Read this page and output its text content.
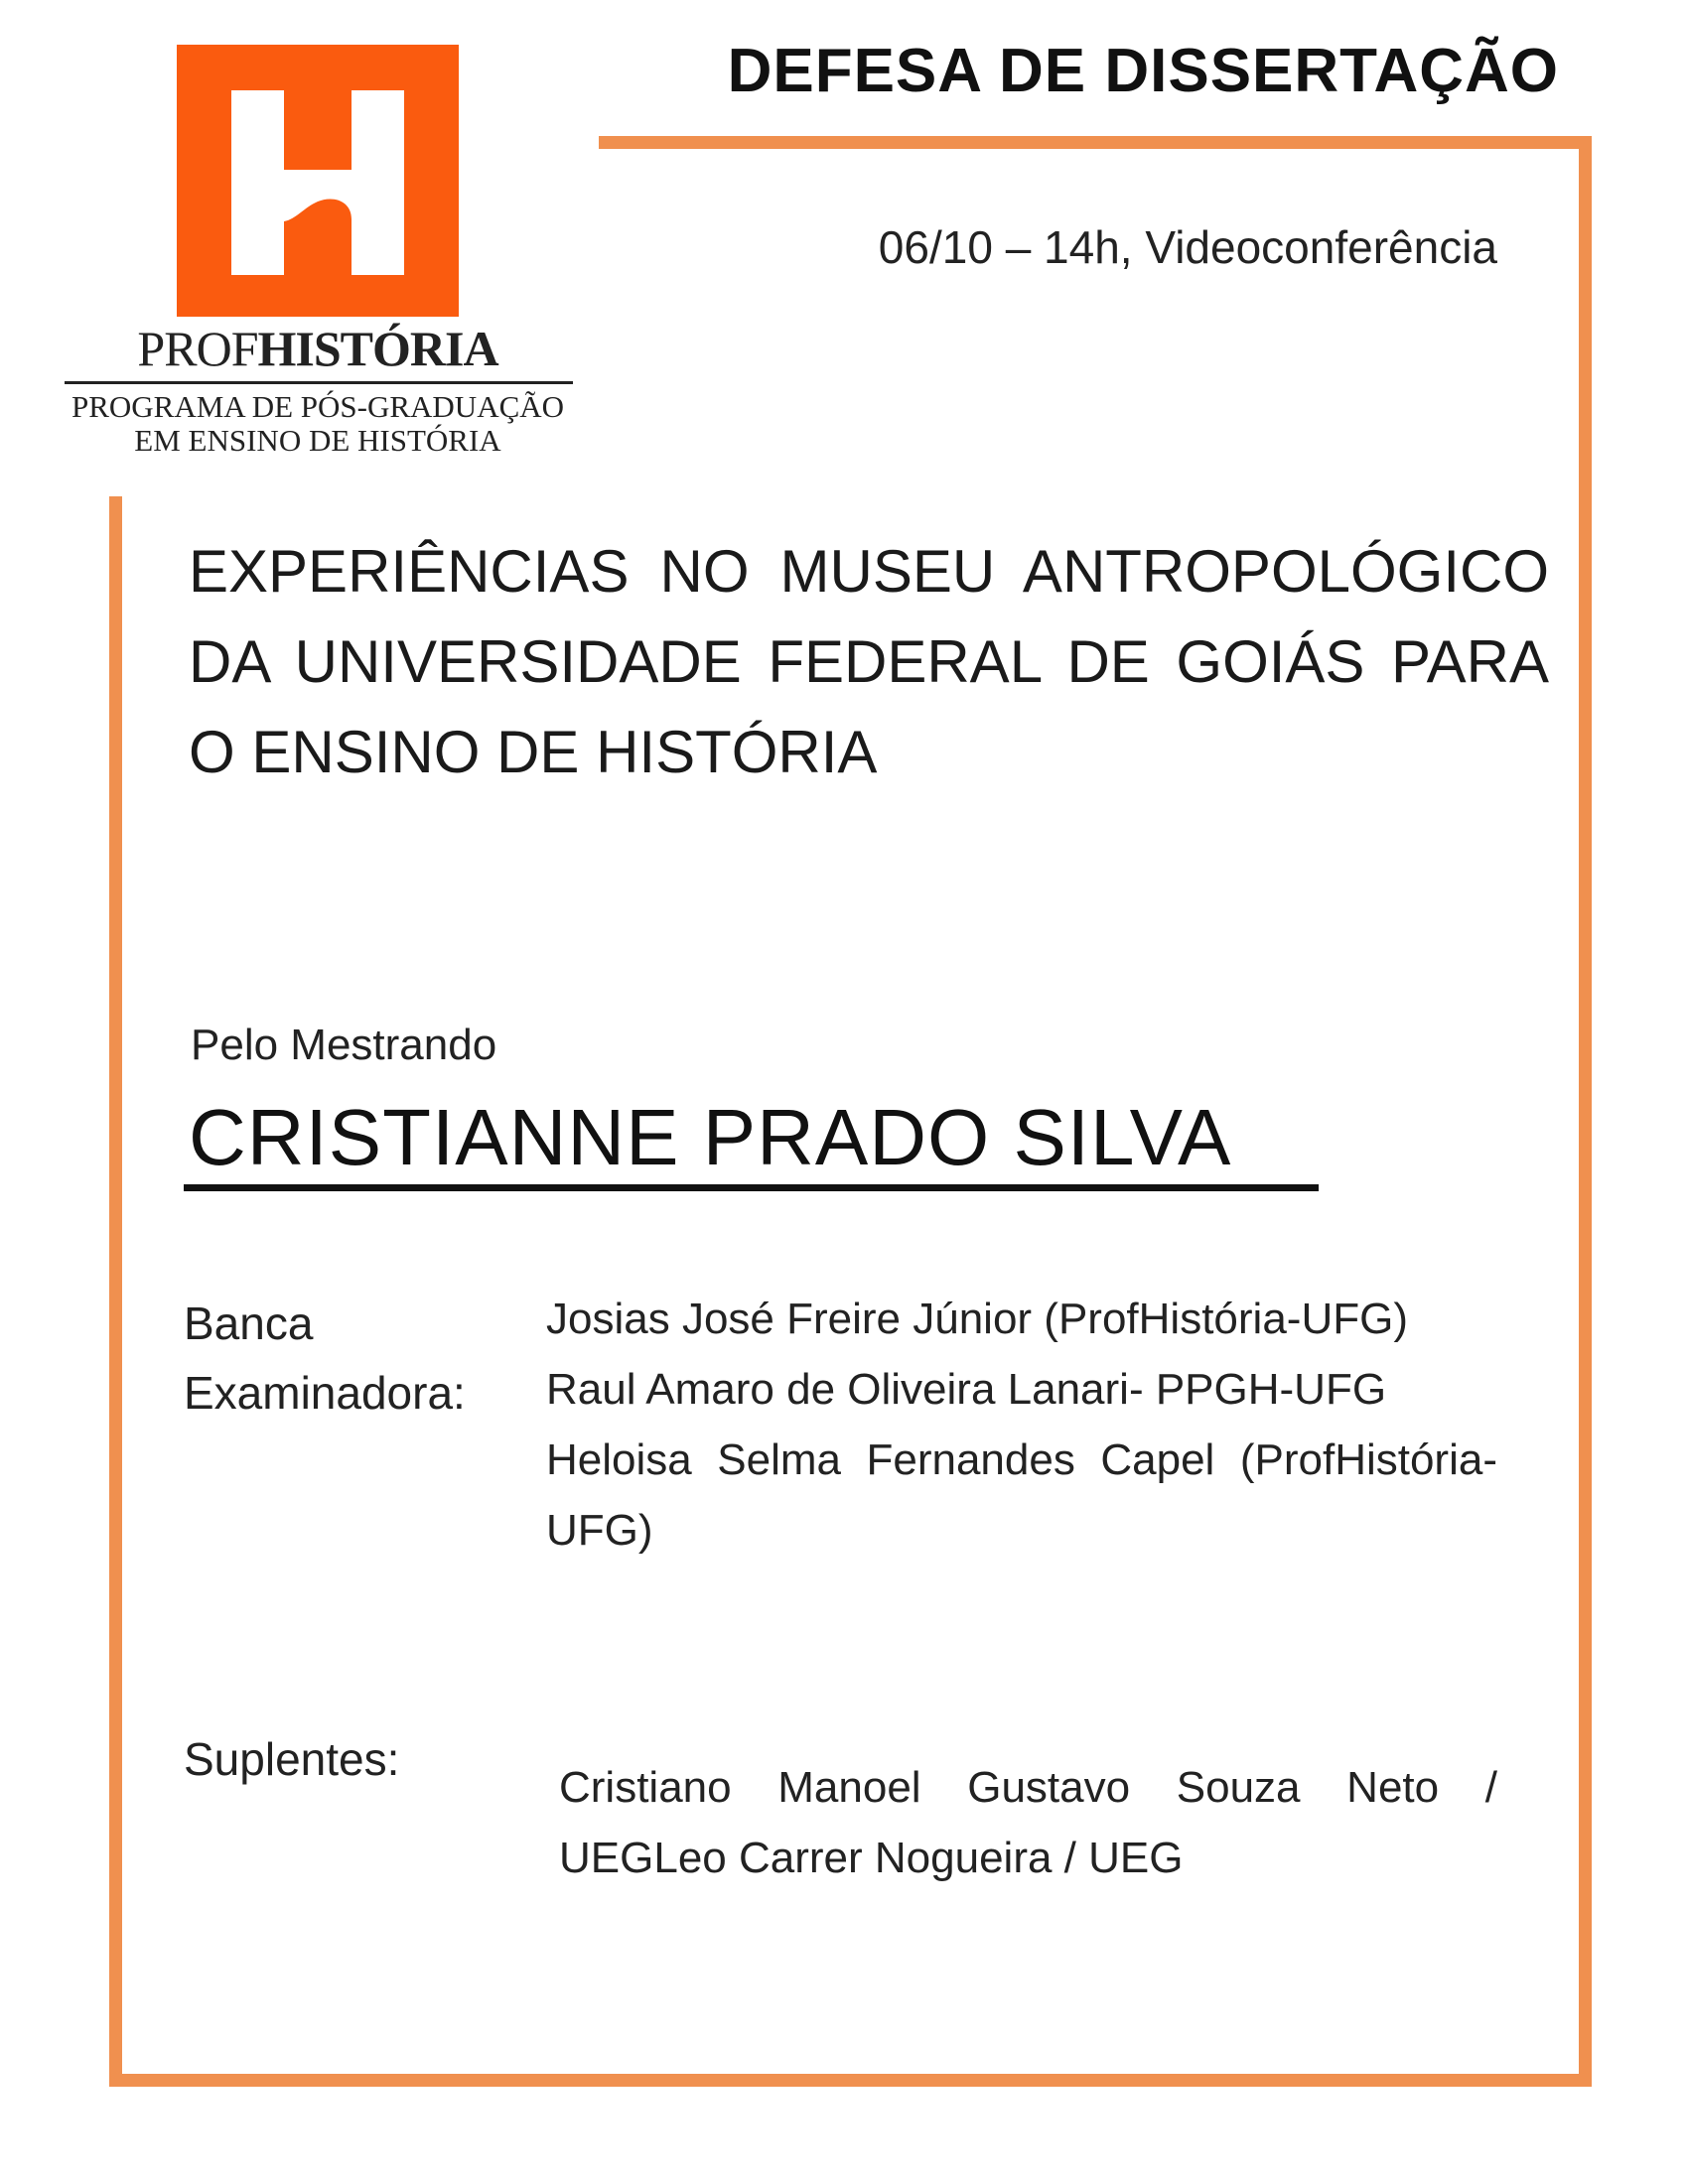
PROFHISTÓRIA
PROGRAMA DE PÓS-GRADUAÇÃO
EM ENSINO DE HISTÓRIA
DEFESA DE DISSERTAÇÃO
06/10 – 14h, Videoconferência
EXPERIÊNCIAS NO MUSEU ANTROPOLÓGICO DA UNIVERSIDADE FEDERAL DE GOIÁS PARA O ENSINO DE HISTÓRIA
Pelo Mestrando
CRISTIANNE PRADO SILVA
Banca
Examinadora:
Josias José Freire Júnior (ProfHistória-UFG)
Raul Amaro de Oliveira Lanari- PPGH-UFG
Heloisa Selma Fernandes Capel (ProfHistória-UFG)
Suplentes:
Cristiano Manoel Gustavo Souza Neto / UEGLeo Carrer Nogueira / UEG
